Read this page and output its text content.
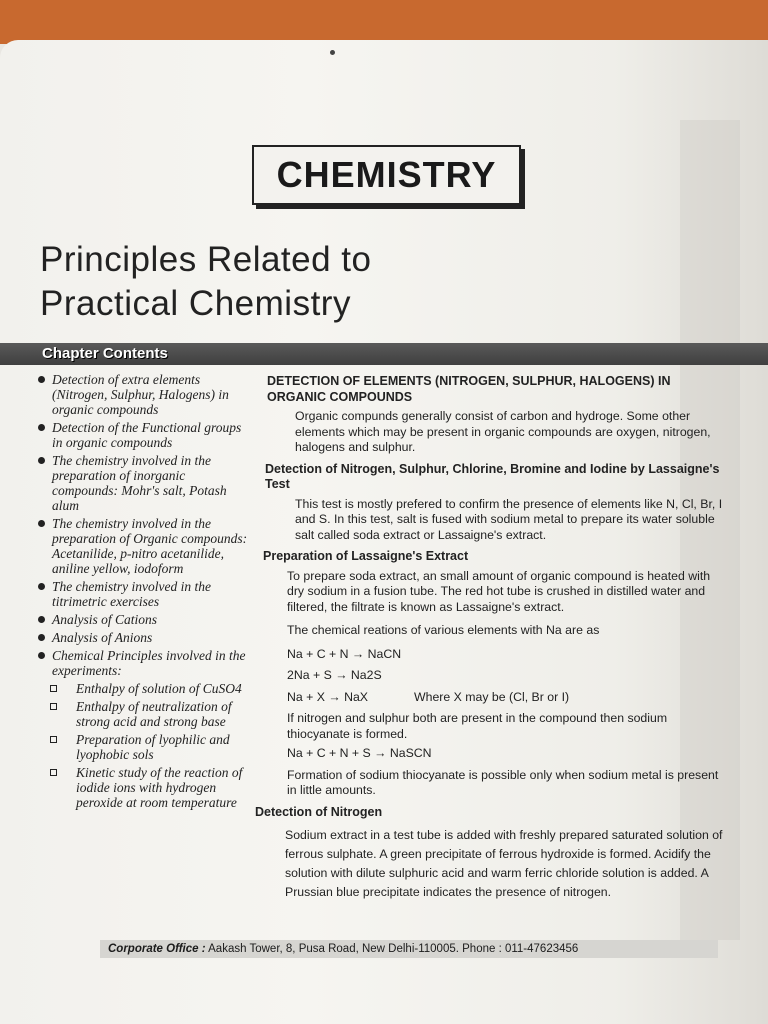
CHEMISTRY
Principles Related to
Practical Chemistry
Chapter Contents
Detection of extra elements (Nitrogen, Sulphur, Halogens) in organic compounds
Detection of the Functional groups in organic compounds
The chemistry involved in the preparation of inorganic compounds: Mohr's salt, Potash alum
The chemistry involved in the preparation of Organic compounds: Acetanilide, p-nitro acetanilide, aniline yellow, iodoform
The chemistry involved in the titrimetric exercises
Analysis of Cations
Analysis of Anions
Chemical Principles involved in the experiments:
Enthalpy of solution of CuSO4
Enthalpy of neutralization of strong acid and strong base
Preparation of lyophilic and lyophobic sols
Kinetic study of the reaction of iodide ions with hydrogen peroxide at room temperature
DETECTION OF ELEMENTS (NITROGEN, SULPHUR, HALOGENS) IN ORGANIC COMPOUNDS
Organic compunds generally consist of carbon and hydroge. Some other elements which may be present in organic compounds are oxygen, nitrogen, halogens and sulphur.
Detection of Nitrogen, Sulphur, Chlorine, Bromine and Iodine by Lassaigne's Test
This test is mostly prefered to confirm the presence of elements like N, Cl, Br, I and S. In this test, salt is fused with sodium metal to prepare its water soluble salt called soda extract or Lassaigne's extract.
Preparation of Lassaigne's Extract
To prepare soda extract, an small amount of organic compound is heated with dry sodium in a fusion tube. The red hot tube is crushed in distilled water and filtered, the filtrate is known as Lassaigne's extract.
The chemical reations of various elements with Na are as
Na + C + N → NaCN
2Na + S → Na2S
Na + X → NaX	Where X may be (Cl, Br or I)
If nitrogen and sulphur both are present in the compound then sodium thiocyanate is formed.
Na + C + N + S → NaSCN
Formation of sodium thiocyanate is possible only when sodium metal is present in little amounts.
Detection of Nitrogen
Sodium extract in a test tube is added with freshly prepared saturated solution of ferrous sulphate. A green precipitate of ferrous hydroxide is formed. Acidify the solution with dilute sulphuric acid and warm ferric chloride solution is added. A Prussian blue precipitate indicates the presence of nitrogen.
Corporate Office : Aakash Tower, 8, Pusa Road, New Delhi-110005. Phone : 011-47623456
